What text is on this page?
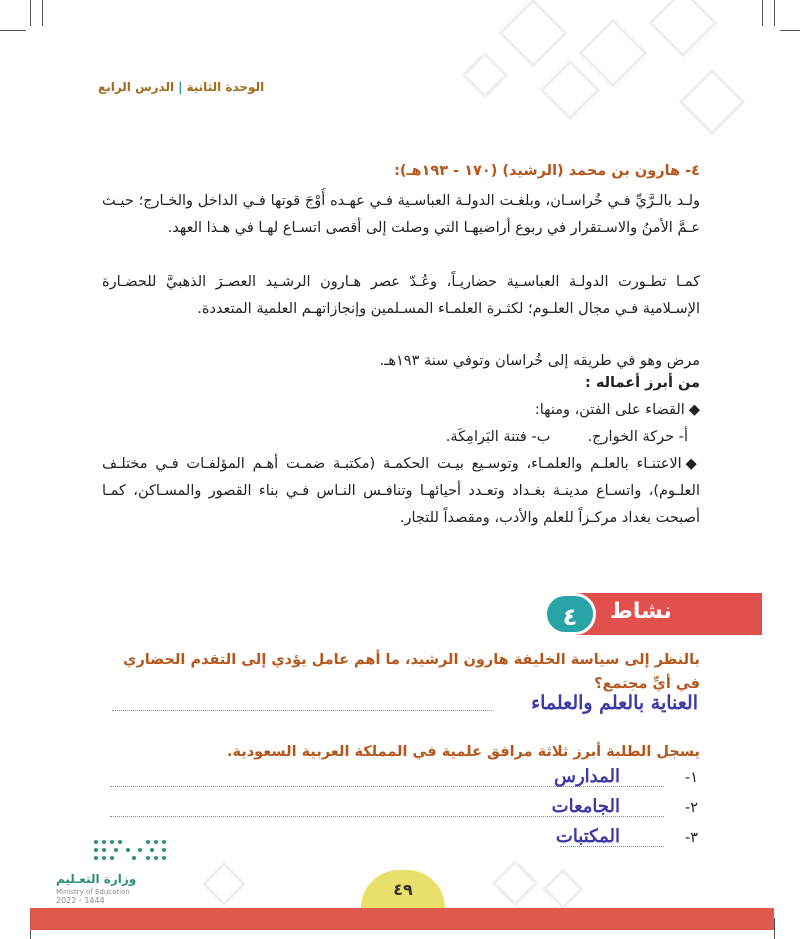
الوحدة الثانية|الدرس الرابع
٤- هارون بن محمد (الرشيد) (١٧٠ - ١٩٣هـ):
ولـد بالـرَّيِّ فـي خُراسـان، وبلغـت الدولـة العباسـية فـي عهـده أَوْجَ قوتها فـي الداخل والخـارج؛ حيـث عـمَّ الأمنُ والاسـتقرار في ربوع أراضيهـا التي وصلت إلى أقصى اتسـاع لهـا في هـذا العهد.
كمـا تطـورت الدولـة العباسـية حضاريـاً، وعُـدّ عصر هـارون الرشـيد العصـرَ الذهبيَّ للحضـارة الإسـلامية فـي مجال العلـوم؛ لكثـرة العلمـاء المسـلمين وإنجازاتهـم العلمية المتعددة.
مرض وهو في طريقه إلى خُراسان وتوفي سنة ١٩٣هـ.
من أبرز أعماله :
◆القضاء على الفتن، ومنها:
أ- حركة الخوارج.  ب- فتنة البَرامِكَة.
◆الاعتنـاء بالعلـم والعلمـاء، وتوسـيع بيـت الحكمـة (مكتبـة ضمـت أهـم المؤلفـات فـي مختلـف العلـوم)، واتسـاع مدينـة بغـداد وتعـدد أحيائهـا وتنافـس النـاس فـي بناء القصور والمسـاكن، كمـا أصبحت بغداد مركـزاً للعلم والأدب، ومقصداً للتجار.
نشاط
٤
بالنظر إلى سياسة الخليفة هارون الرشيد، ما أهم عامل يؤدي إلى التقدم الحضاري في أيِّ مجتمع؟
العناية بالعلم والعلماء
يسجل الطلبة أبرز ثلاثة مرافق علمية في المملكة العربية السعودية.
١-
المدارس
٢-
الجامعات
٣-
المكتبات
وزارة التعـليم
Ministry of Education
2022 - 1444
٤٩
